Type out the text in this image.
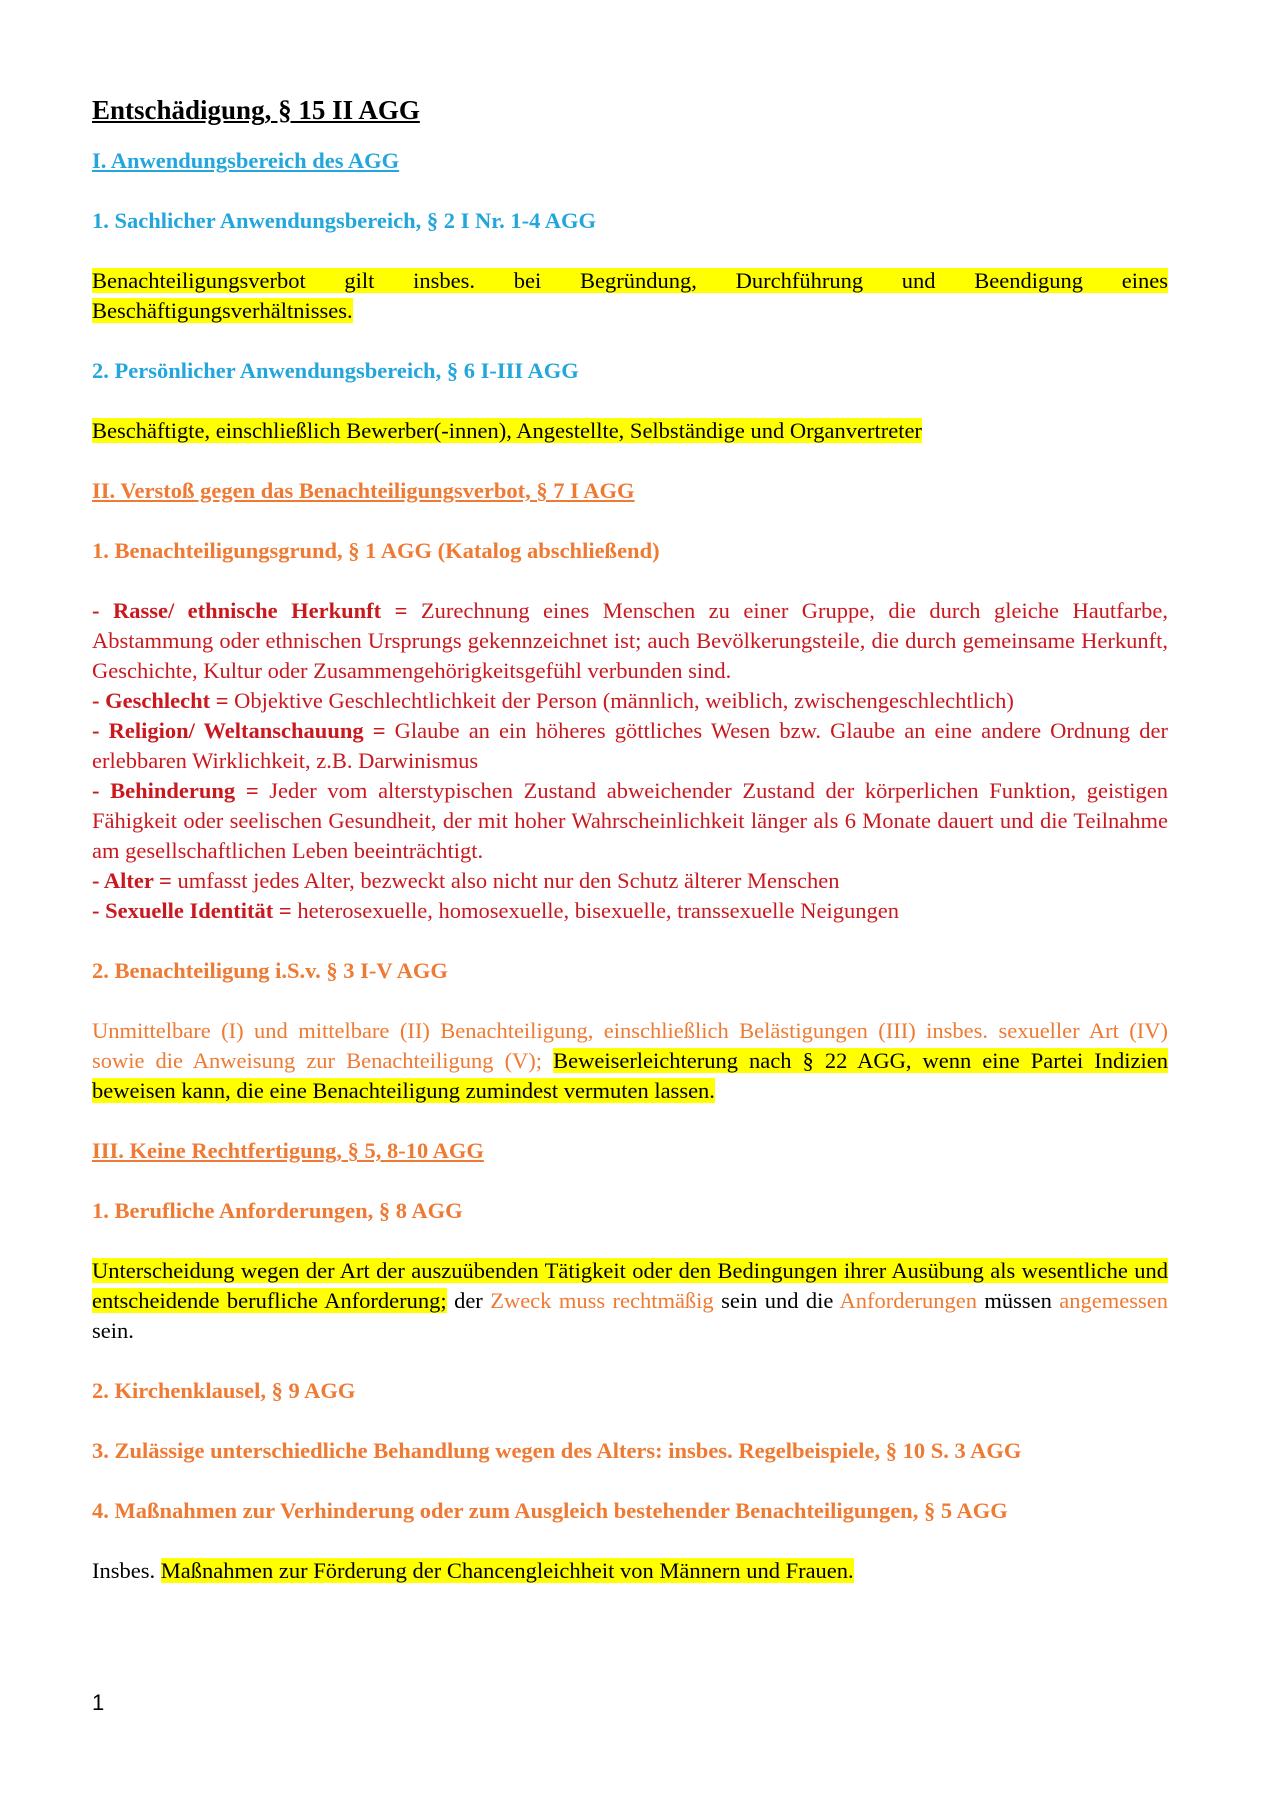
Entschädigung, § 15 II AGG

I. Anwendungsbereich des AGG

1. Sachlicher Anwendungsbereich, § 2 I Nr. 1-4 AGG

Benachteiligungsverbot gilt insbes. bei Begründung, Durchführung und Beendigung eines Beschäftigungsverhältnisses.

2. Persönlicher Anwendungsbereich, § 6 I-III AGG

Beschäftigte, einschließlich Bewerber(-innen), Angestellte, Selbständige und Organvertreter

II. Verstoß gegen das Benachteiligungsverbot, § 7 I AGG

1. Benachteiligungsgrund, § 1 AGG (Katalog abschließend)

- Rasse/ ethnische Herkunft = Zurechnung eines Menschen zu einer Gruppe, die durch gleiche Hautfarbe, Abstammung oder ethnischen Ursprungs gekennzeichnet ist; auch Bevölkerungsteile, die durch gemeinsame Herkunft, Geschichte, Kultur oder Zusammengehörigkeitsgefühl verbunden sind.

- Geschlecht = Objektive Geschlechtlichkeit der Person (männlich, weiblich, zwischengeschlechtlich)

- Religion/ Weltanschauung = Glaube an ein höheres göttliches Wesen bzw. Glaube an eine andere Ordnung der erlebbaren Wirklichkeit, z.B. Darwinismus

- Behinderung = Jeder vom alterstypischen Zustand abweichender Zustand der körperlichen Funktion, geistigen Fähigkeit oder seelischen Gesundheit, der mit hoher Wahrscheinlichkeit länger als 6 Monate dauert und die Teilnahme am gesellschaftlichen Leben beeinträchtigt.

- Alter = umfasst jedes Alter, bezweckt also nicht nur den Schutz älterer Menschen

- Sexuelle Identität = heterosexuelle, homosexuelle, bisexuelle, transsexuelle Neigungen

2. Benachteiligung i.S.v. § 3 I-V AGG

Unmittelbare (I) und mittelbare (II) Benachteiligung, einschließlich Belästigungen (III) insbes. sexueller Art (IV) sowie die Anweisung zur Benachteiligung (V); Beweiserleichterung nach § 22 AGG, wenn eine Partei Indizien beweisen kann, die eine Benachteiligung zumindest vermuten lassen.

III. Keine Rechtfertigung, § 5, 8-10 AGG

1. Berufliche Anforderungen, § 8 AGG

Unterscheidung wegen der Art der auszuübenden Tätigkeit oder den Bedingungen ihrer Ausübung als wesentliche und entscheidende berufliche Anforderung; der Zweck muss rechtmäßig sein und die Anforderungen müssen angemessen sein.

2. Kirchenklausel, § 9 AGG

3. Zulässige unterschiedliche Behandlung wegen des Alters: insbes. Regelbeispiele, § 10 S. 3 AGG

4. Maßnahmen zur Verhinderung oder zum Ausgleich bestehender Benachteiligungen, § 5 AGG

Insbes. Maßnahmen zur Förderung der Chancengleichheit von Männern und Frauen.

1
